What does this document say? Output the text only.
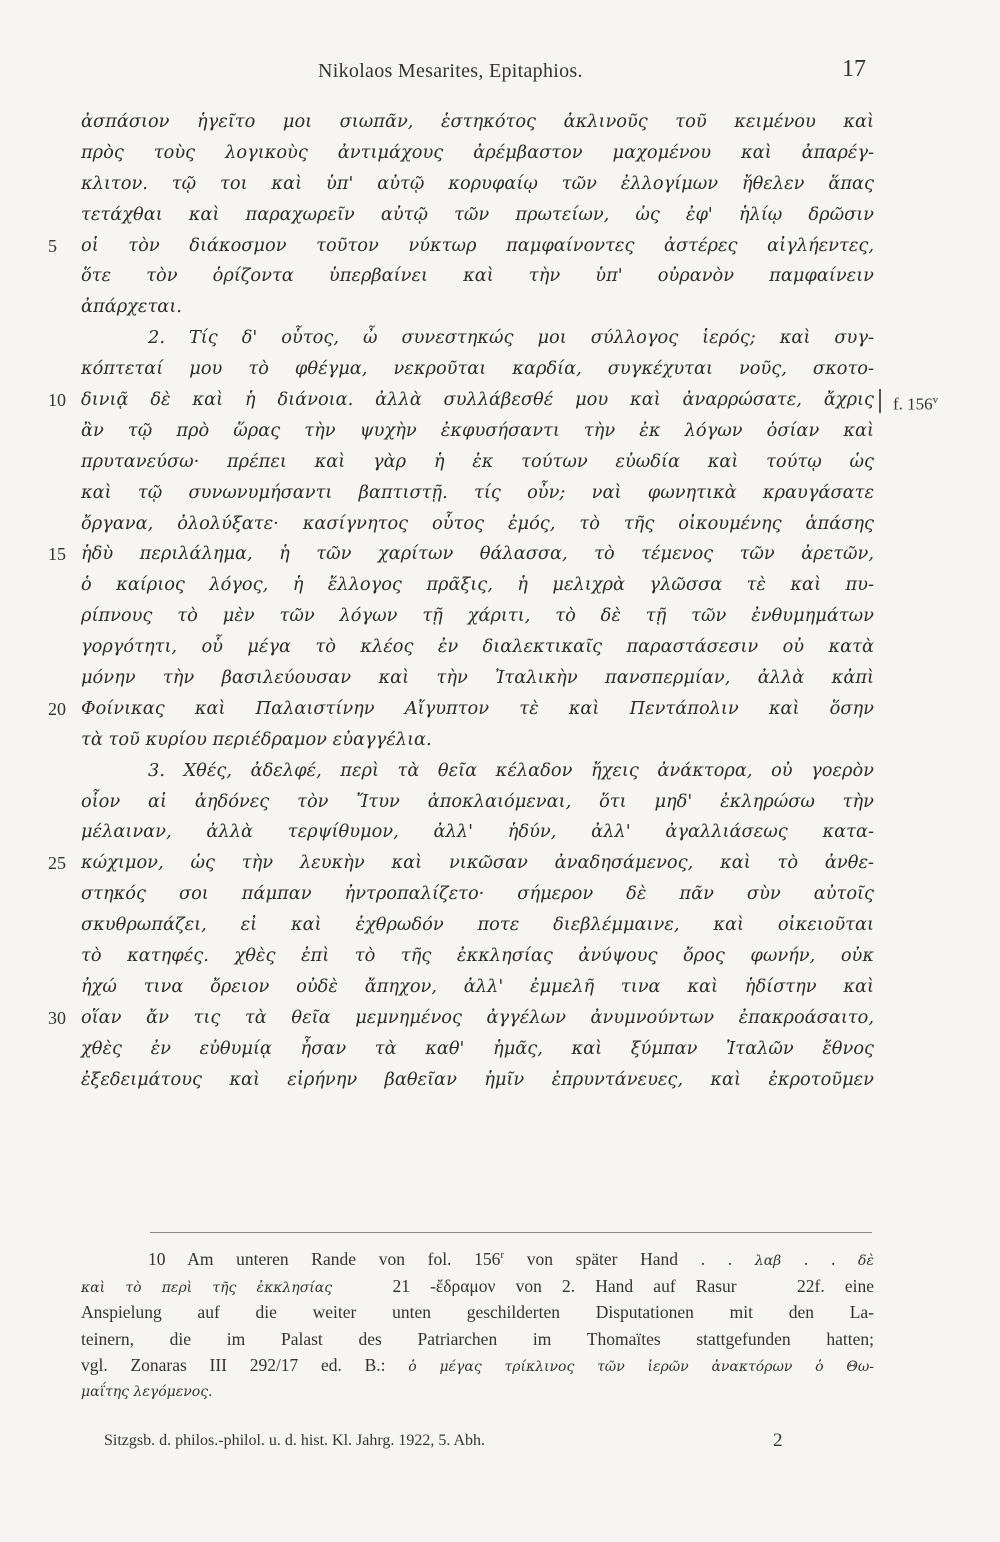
Nikolaos Mesarites, Epitaphios.	17
ἀσπάσιον ἡγεῖτο μοι σιωπᾶν, ἑστηκότος ἀκλινοῦς τοῦ κειμένου καὶ
πρὸς τοὺς λογικοὺς ἀντιμάχους ἀρέμβαστον μαχομένου καὶ ἀπαρέγ-
κλιτον. τῷ τοι καὶ ὑπ' αὐτῷ κορυφαίῳ τῶν ἐλλογίμων ἤθελεν ἅπας
τετάχθαι καὶ παραχωρεῖν αὐτῷ τῶν πρωτείων, ὡς ἐφ' ἡλίῳ δρῶσιν
5	οἱ τὸν διάκοσμον τοῦτον νύκτωρ παμφαίνοντες ἀστέρες αἰγλήεντες,
ὅτε τὸν ὁρίζοντα ὑπερβαίνει καὶ τὴν ὑπ' οὐρανὸν παμφαίνειν
ἀπάρχεται.
2. Τίς δ' οὗτος, ὦ συνεστηκώς μοι σύλλογος ἱερός; καὶ συγ-
κόπτεταί μου τὸ φθέγμα, νεκροῦται καρδία, συγκέχυται νοῦς, σκοτο-
10 δινιᾷ δὲ καὶ ἡ διάνοια. ἀλλὰ συλλάβεσθέ μου καὶ ἀναρρώσατε, ἄχρις f. 156$^v$
ἂν τῷ πρὸ ὥρας τὴν ψυχὴν ἐκφυσήσαντι τὴν ἐκ λόγων ὁσίαν καὶ
πρυτανεύσω· πρέπει καὶ γὰρ ἡ ἐκ τούτων εὐωδία καὶ τούτῳ ὡς
καὶ τῷ συνωνυμήσαντι βαπτιστῇ. τίς οὖν; ναὶ φωνητικὰ κραυγάσατε
ὄργανα, ὀλολύξατε· κασίγνητος οὗτος ἐμός, τὸ τῆς οἰκουμένης ἁπάσης
15 ἡδὺ περιλάλημα, ἡ τῶν χαρίτων θάλασσα, τὸ τέμενος τῶν ἀρετῶν,
ὁ καίριος λόγος, ἡ ἔλλογος πρᾶξις, ἡ μελιχρὰ γλῶσσα τὲ καὶ πυ-
ρίπνους τὸ μὲν τῶν λόγων τῇ χάριτι, τὸ δὲ τῇ τῶν ἐνθυμημάτων
γοργότητι, οὗ μέγα τὸ κλέος ἐν διαλεκτικαῖς παραστάσεσιν οὐ κατὰ
μόνην τὴν βασιλεύουσαν καὶ τὴν Ἰταλικὴν πανσπερμίαν, ἀλλὰ κἀπὶ
20 Φοίνικας καὶ Παλαιστίνην Αἴγυπτον τὲ καὶ Πεντάπολιν καὶ ὅσην
τὰ τοῦ κυρίου περιέδραμον εὐαγγέλια.
3. Χθές, ἀδελφέ, περὶ τὰ θεῖα κέλαδον ἤχεις ἀνάκτορα, οὐ γοερὸν
οἷον αἱ ἀηδόνες τὸν Ἴτυν ἀποκλαιόμεναι, ὅτι μηδ' ἐκληρώσω τὴν
μέλαιναν, ἀλλὰ τερψίθυμον, ἀλλ' ἡδύν, ἀλλ' ἀγαλλιάσεως κατα-
25 κώχιμον, ὡς τὴν λευκὴν καὶ νικῶσαν ἀναδησάμενος, καὶ τὸ ἀνθε-
στηκός σοι πάμπαν ἠντροπαλίζετο· σήμερον δὲ πᾶν σὺν αὐτοῖς
σκυθρωπάζει, εἰ καὶ ἐχθρωδόν ποτε διεβλέμμαινε, καὶ οἰκειοῦται
τὸ κατηφές. χθὲς ἐπὶ τὸ τῆς ἐκκλησίας ἀνύψους ὄρος φωνήν, οὐκ
ἠχώ τινα ὄρειον οὐδὲ ἄπηχον, ἀλλ' ἐμμελῆ τινα καὶ ἡδίστην καὶ
30 οἵαν ἄν τις τὰ θεῖα μεμνημένος ἀγγέλων ἀνυμνούντων ἐπακροάσαιτο,
χθὲς ἐν εὐθυμίᾳ ἦσαν τὰ καθ' ἡμᾶς, καὶ ξύμπαν Ἰταλῶν ἔθνος
ἐξεδειμάτους καὶ εἰρήνην βαθεῖαν ἡμῖν ἐπρυντάνευες, καὶ ἐκροτοῦμεν
10 Am unteren Rande von fol. 156$^r$ von später Hand . . λαβ . . δὲ
καὶ τὸ περὶ τῆς ἐκκλησίας   21 -ἔδραμον von 2. Hand auf Rasur   22f. eine
Anspielung auf die weiter unten geschilderten Disputationen mit den La-
teinern, die im Palast des Patriarchen im Thomaïtes stattgefunden hatten;
vgl. Zonaras III 292/17 ed. B.: ὁ μέγας τρίκλινος τῶν ἱερῶν ἀνακτόρων ὁ Θω-
μαΐτης λεγόμενος.
Sitzgsb. d. philos.-philol. u. d. hist. Kl. Jahrg. 1922, 5. Abh.	2
